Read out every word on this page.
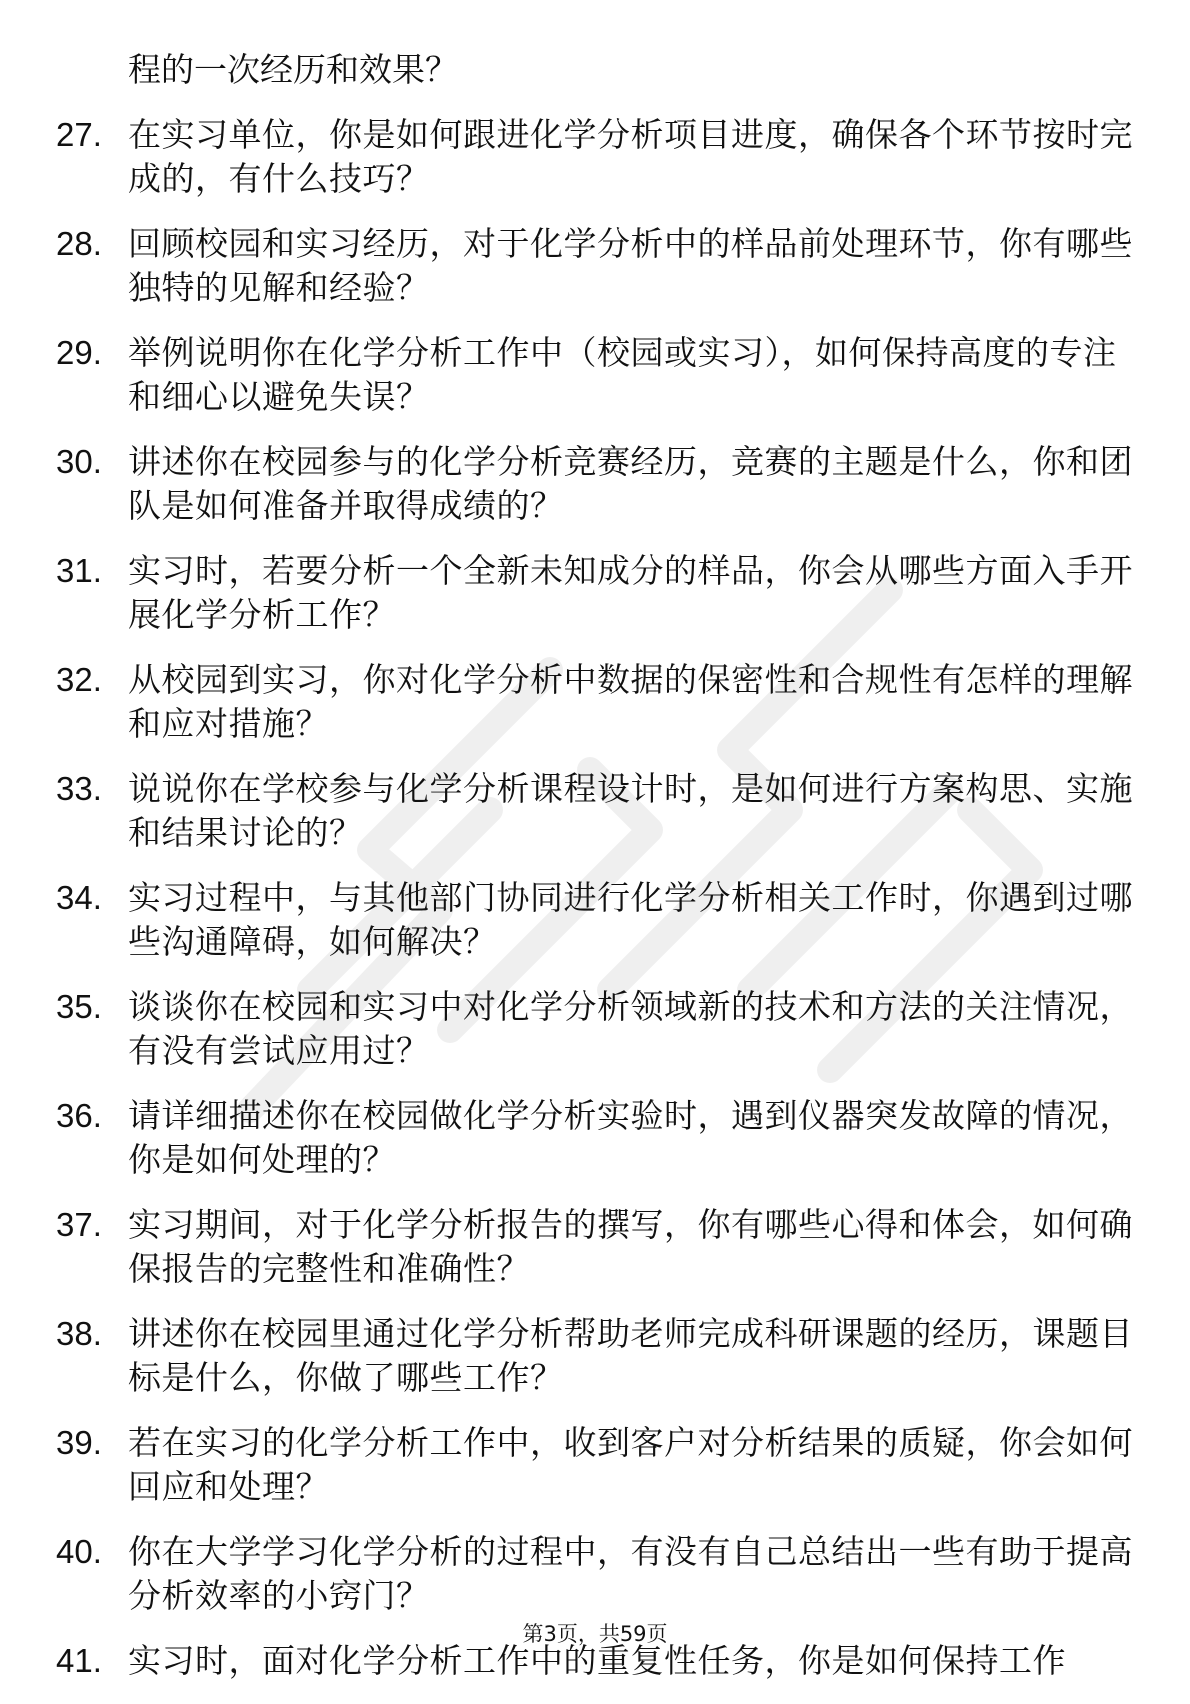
程的一次经历和效果？
27. 在实习单位，你是如何跟进化学分析项目进度，确保各个环节按时完成的，有什么技巧？
28. 回顾校园和实习经历，对于化学分析中的样品前处理环节，你有哪些独特的见解和经验？
29. 举例说明你在化学分析工作中（校园或实习），如何保持高度的专注和细心以避免失误？
30. 讲述你在校园参与的化学分析竞赛经历，竞赛的主题是什么，你和团队是如何准备并取得成绩的？
31. 实习时，若要分析一个全新未知成分的样品，你会从哪些方面入手开展化学分析工作？
32. 从校园到实习，你对化学分析中数据的保密性和合规性有怎样的理解和应对措施？
33. 说说你在学校参与化学分析课程设计时，是如何进行方案构思、实施和结果讨论的？
34. 实习过程中，与其他部门协同进行化学分析相关工作时，你遇到过哪些沟通障碍，如何解决？
35. 谈谈你在校园和实习中对化学分析领域新的技术和方法的关注情况，有没有尝试应用过？
36. 请详细描述你在校园做化学分析实验时，遇到仪器突发故障的情况，你是如何处理的？
37. 实习期间，对于化学分析报告的撰写，你有哪些心得和体会，如何确保报告的完整性和准确性？
38. 讲述你在校园里通过化学分析帮助老师完成科研课题的经历，课题目标是什么，你做了哪些工作？
39. 若在实习的化学分析工作中，收到客户对分析结果的质疑，你会如何回应和处理？
40. 你在大学学习化学分析的过程中，有没有自己总结出一些有助于提高分析效率的小窍门？
41. 实习时，面对化学分析工作中的重复性任务，你是如何保持工作
第3页，共59页
